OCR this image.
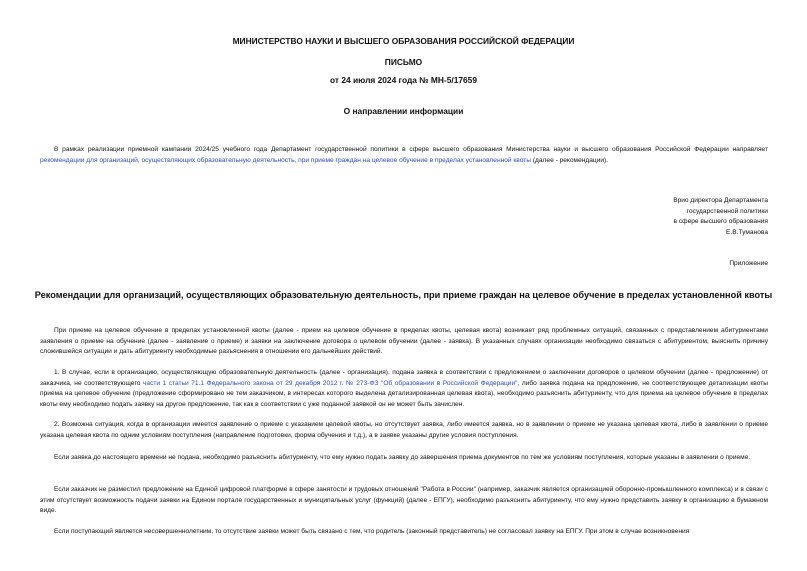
МИНИСТЕРСТВО НАУКИ И ВЫСШЕГО ОБРАЗОВАНИЯ РОССИЙСКОЙ ФЕДЕРАЦИИ
ПИСЬМО
от 24 июля 2024 года № МН-5/17659
О направлении информации

В рамках реализации приемной кампании 2024/25 учебного года Департамент государственной политики в сфере высшего образования Министерства науки и высшего образования Российской Федерации направляет рекомендации для организаций, осуществляющих образовательную деятельность, при приеме граждан на целевое обучение в пределах установленной квоты (далее - рекомендации).

Врио директора Департамента
государственной политики
в сфере высшего образования
Е.В.Туманова
Приложение
Рекомендации для организаций, осуществляющих образовательную деятельность, при приеме граждан на целевое обучение в пределах установленной квоты

При приеме на целевое обучение в пределах установленной квоты (далее - прием на целевое обучение в пределах квоты, целевая квота) возникает ряд проблемных ситуаций, связанных с представлением абитуриентами заявления о приеме на обучение (далее - заявление о приеме) и заявки на заключение договора о целевом обучении (далее - заявка). В указанных случаях организации необходимо связаться с абитуриентом, выяснить причину сложившейся ситуации и дать абитуриенту необходимые разъяснения в отношении его дальнейших действий.

1. В случае, если в организацию, осуществляющую образовательную деятельность (далее - организация), подана заявка в соответствии с предложением о заключении договоров о целевом обучении (далее - предложение) от заказчика, не соответствующего части 1 статьи 71.1 Федерального закона от 29 декабря 2012 г. № 273-ФЗ "Об образовании в Российской Федерации", либо заявка подана на предложение, не соответствующее детализации квоты приема на целевое обучение (предложение сформировано не тем заказчиком, в интересах которого выделена детализированная целевая квота), необходимо разъяснить абитуриенту, что для приема на целевое обучение в пределах квоты ему необходимо подать заявку на другое предложение, так как в соответствии с уже поданной заявкой он не может быть зачислен.

2. Возможна ситуация, когда в организации имеется заявление о приеме с указанием целевой квоты, но отсутствует заявка, либо имеется заявка, но в заявлении о приеме не указана целевая квота, либо в заявлении о приеме указана целевая квота по одним условиям поступления (направление подготовки, форма обучения и т.д.), а в заявке указаны другие условия поступления.

Если заявка до настоящего времени не подана, необходимо разъяснить абитуриенту, что ему нужно подать заявку до завершения приема документов по тем же условиям поступления, которые указаны в заявлении о приеме.

Если заказчик не разместил предложение на Единой цифровой платформе в сфере занятости и трудовых отношений "Работа в России" (например, заказчик является организацией оборонно-промышленного комплекса) и в связи с этим отсутствует возможность подачи заявки на Едином портале государственных и муниципальных услуг (функций) (далее - ЕПГУ), необходимо разъяснить абитуриенту, что ему нужно представить заявку в организацию в бумажном виде.

Если поступающий является несовершеннолетним, то отсутствие заявки может быть связано с тем, что родитель (законный представитель) не согласовал заявку на ЕПГУ. При этом в случае возникновения
